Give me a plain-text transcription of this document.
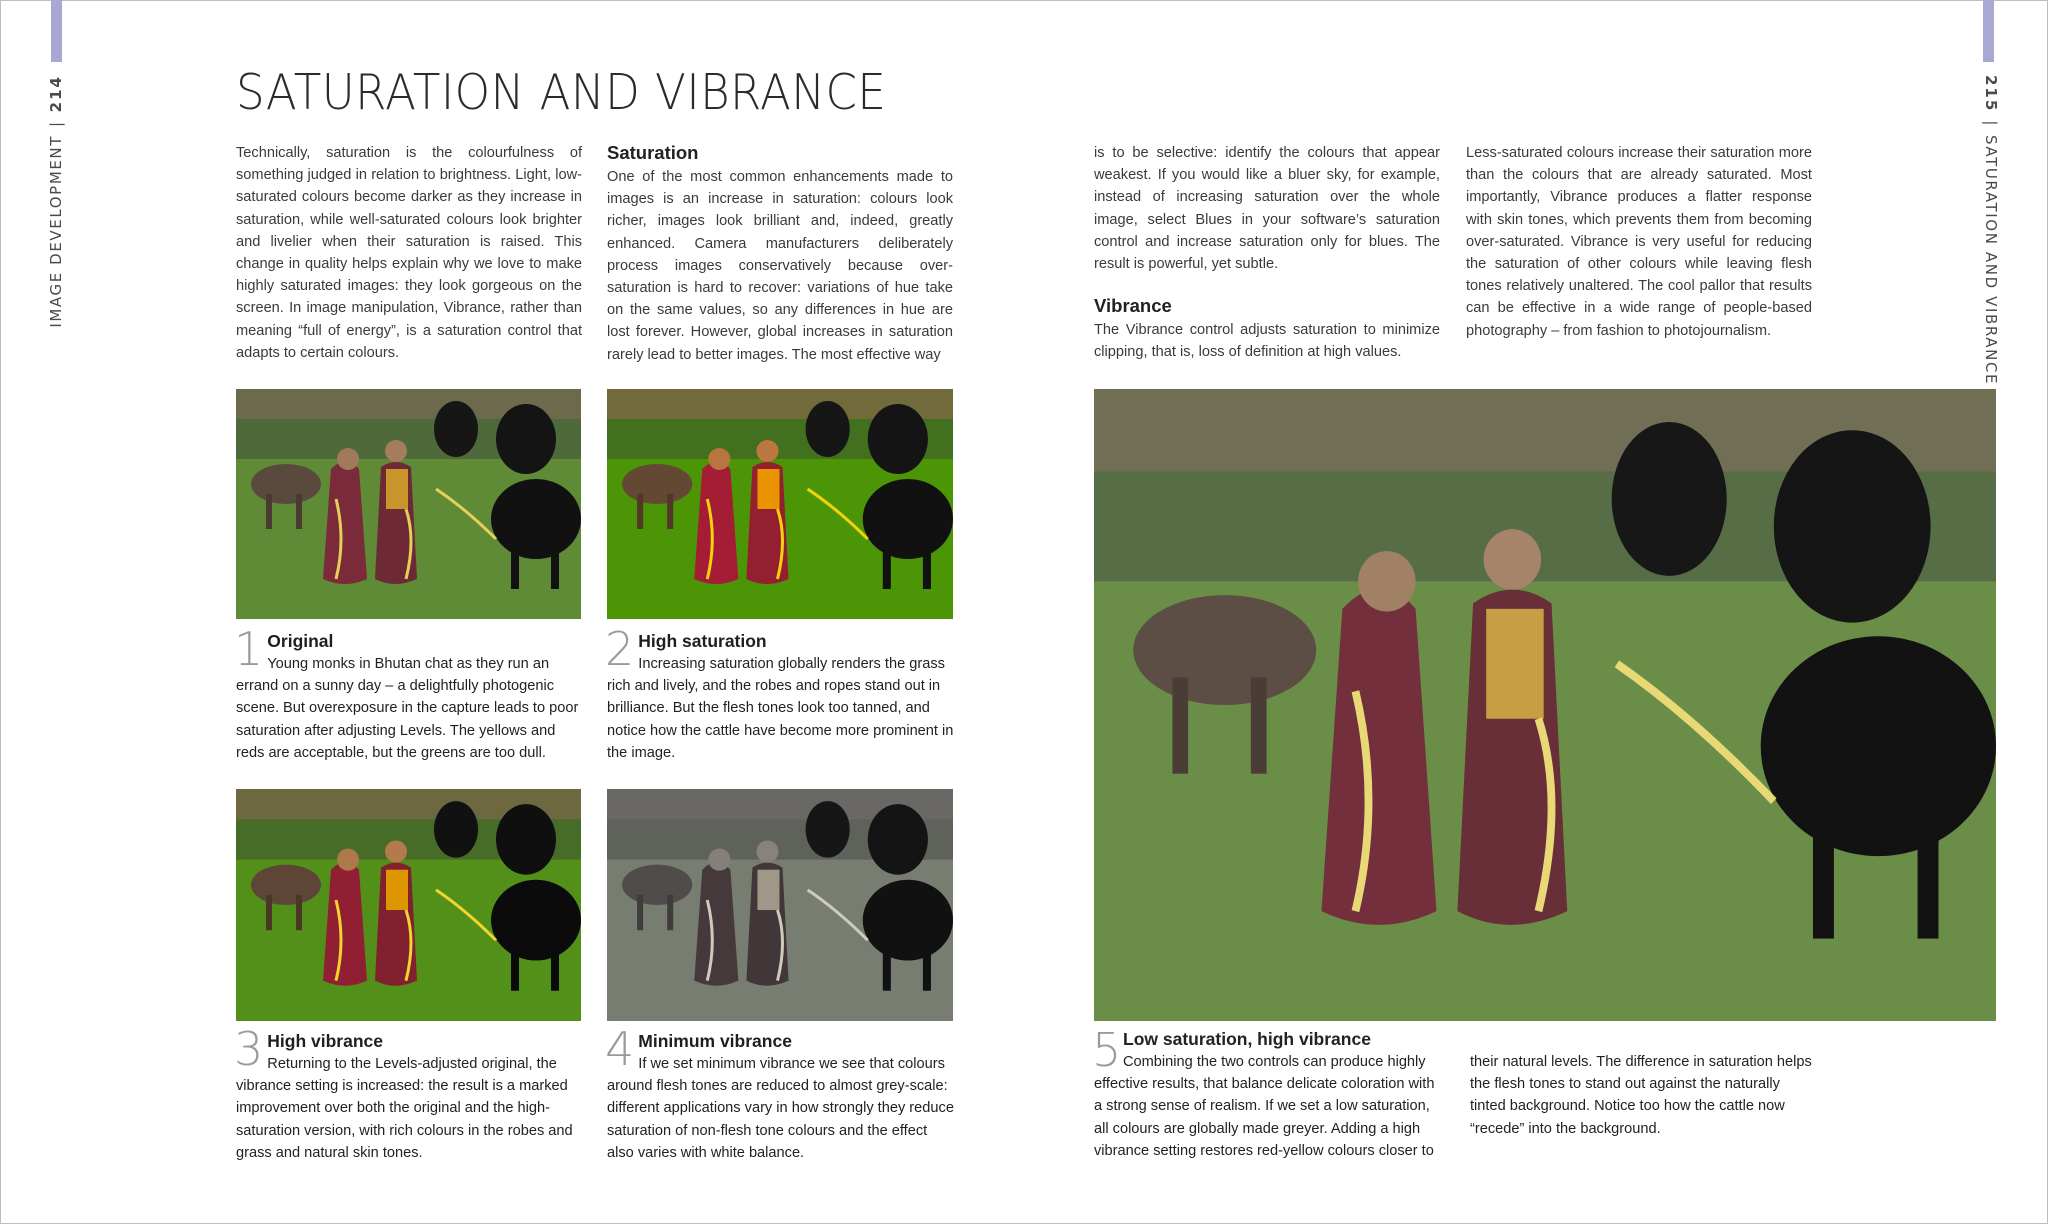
IMAGE DEVELOPMENT|214	215|SATURATION AND VIBRANCE
SATURATION AND VIBRANCE

Technically, saturation is the colourfulness of something judged in relation to brightness. Light, low-saturated colours become darker as they increase in saturation, while well-saturated colours look brighter and livelier when their saturation is raised. This change in quality helps explain why we love to make highly saturated images: they look gorgeous on the screen. In image manipulation, Vibrance, rather than meaning “full of energy”, is a saturation control that adapts to certain colours.

Saturation

One of the most common enhancements made to images is an increase in saturation: colours look richer, images look brilliant and, indeed, greatly enhanced. Camera manufacturers deliberately process images conservatively because over-saturation is hard to recover: variations of hue take on the same values, so any differences in hue are lost forever. However, global increases in saturation rarely lead to better images. The most effective way

is to be selective: identify the colours that appear weakest. If you would like a bluer sky, for example, instead of increasing saturation over the whole image, select Blues in your software’s saturation control and increase saturation only for blues. The result is powerful, yet subtle.

Vibrance

The Vibrance control adjusts saturation to minimize clipping, that is, loss of definition at high values.

Less-saturated colours increase their saturation more than the colours that are already saturated. Most importantly, Vibrance produces a flatter response with skin tones, which prevents them from becoming over-saturated. Vibrance is very useful for reducing the saturation of other colours while leaving flesh tones relatively unaltered. The cool pallor that results can be effective in a wide range of people-based photography – from fashion to photojournalism.

1 Original

Young monks in Bhutan chat as they run an errand on a sunny day – a delightfully photogenic scene. But overexposure in the capture leads to poor saturation after adjusting Levels. The yellows and reds are acceptable, but the greens are too dull.

2 High saturation

Increasing saturation globally renders the grass rich and lively, and the robes and ropes stand out in brilliance. But the flesh tones look too tanned, and notice how the cattle have become more prominent in the image.

3 High vibrance

Returning to the Levels-adjusted original, the vibrance setting is increased: the result is a marked improvement over both the original and the high-saturation version, with rich colours in the robes and grass and natural skin tones.

4 Minimum vibrance

If we set minimum vibrance we see that colours around flesh tones are reduced to almost grey-scale: different applications vary in how strongly they reduce saturation of non-flesh tone colours and the effect also varies with white balance.

5 Low saturation, high vibrance

Combining the two controls can produce highly effective results, that balance delicate coloration with a strong sense of realism. If we set a low saturation, all colours are globally made greyer. Adding a high vibrance setting restores red-yellow colours closer to their natural levels. The difference in saturation helps the flesh tones to stand out against the naturally tinted background. Notice too how the cattle now “recede” into the background.
